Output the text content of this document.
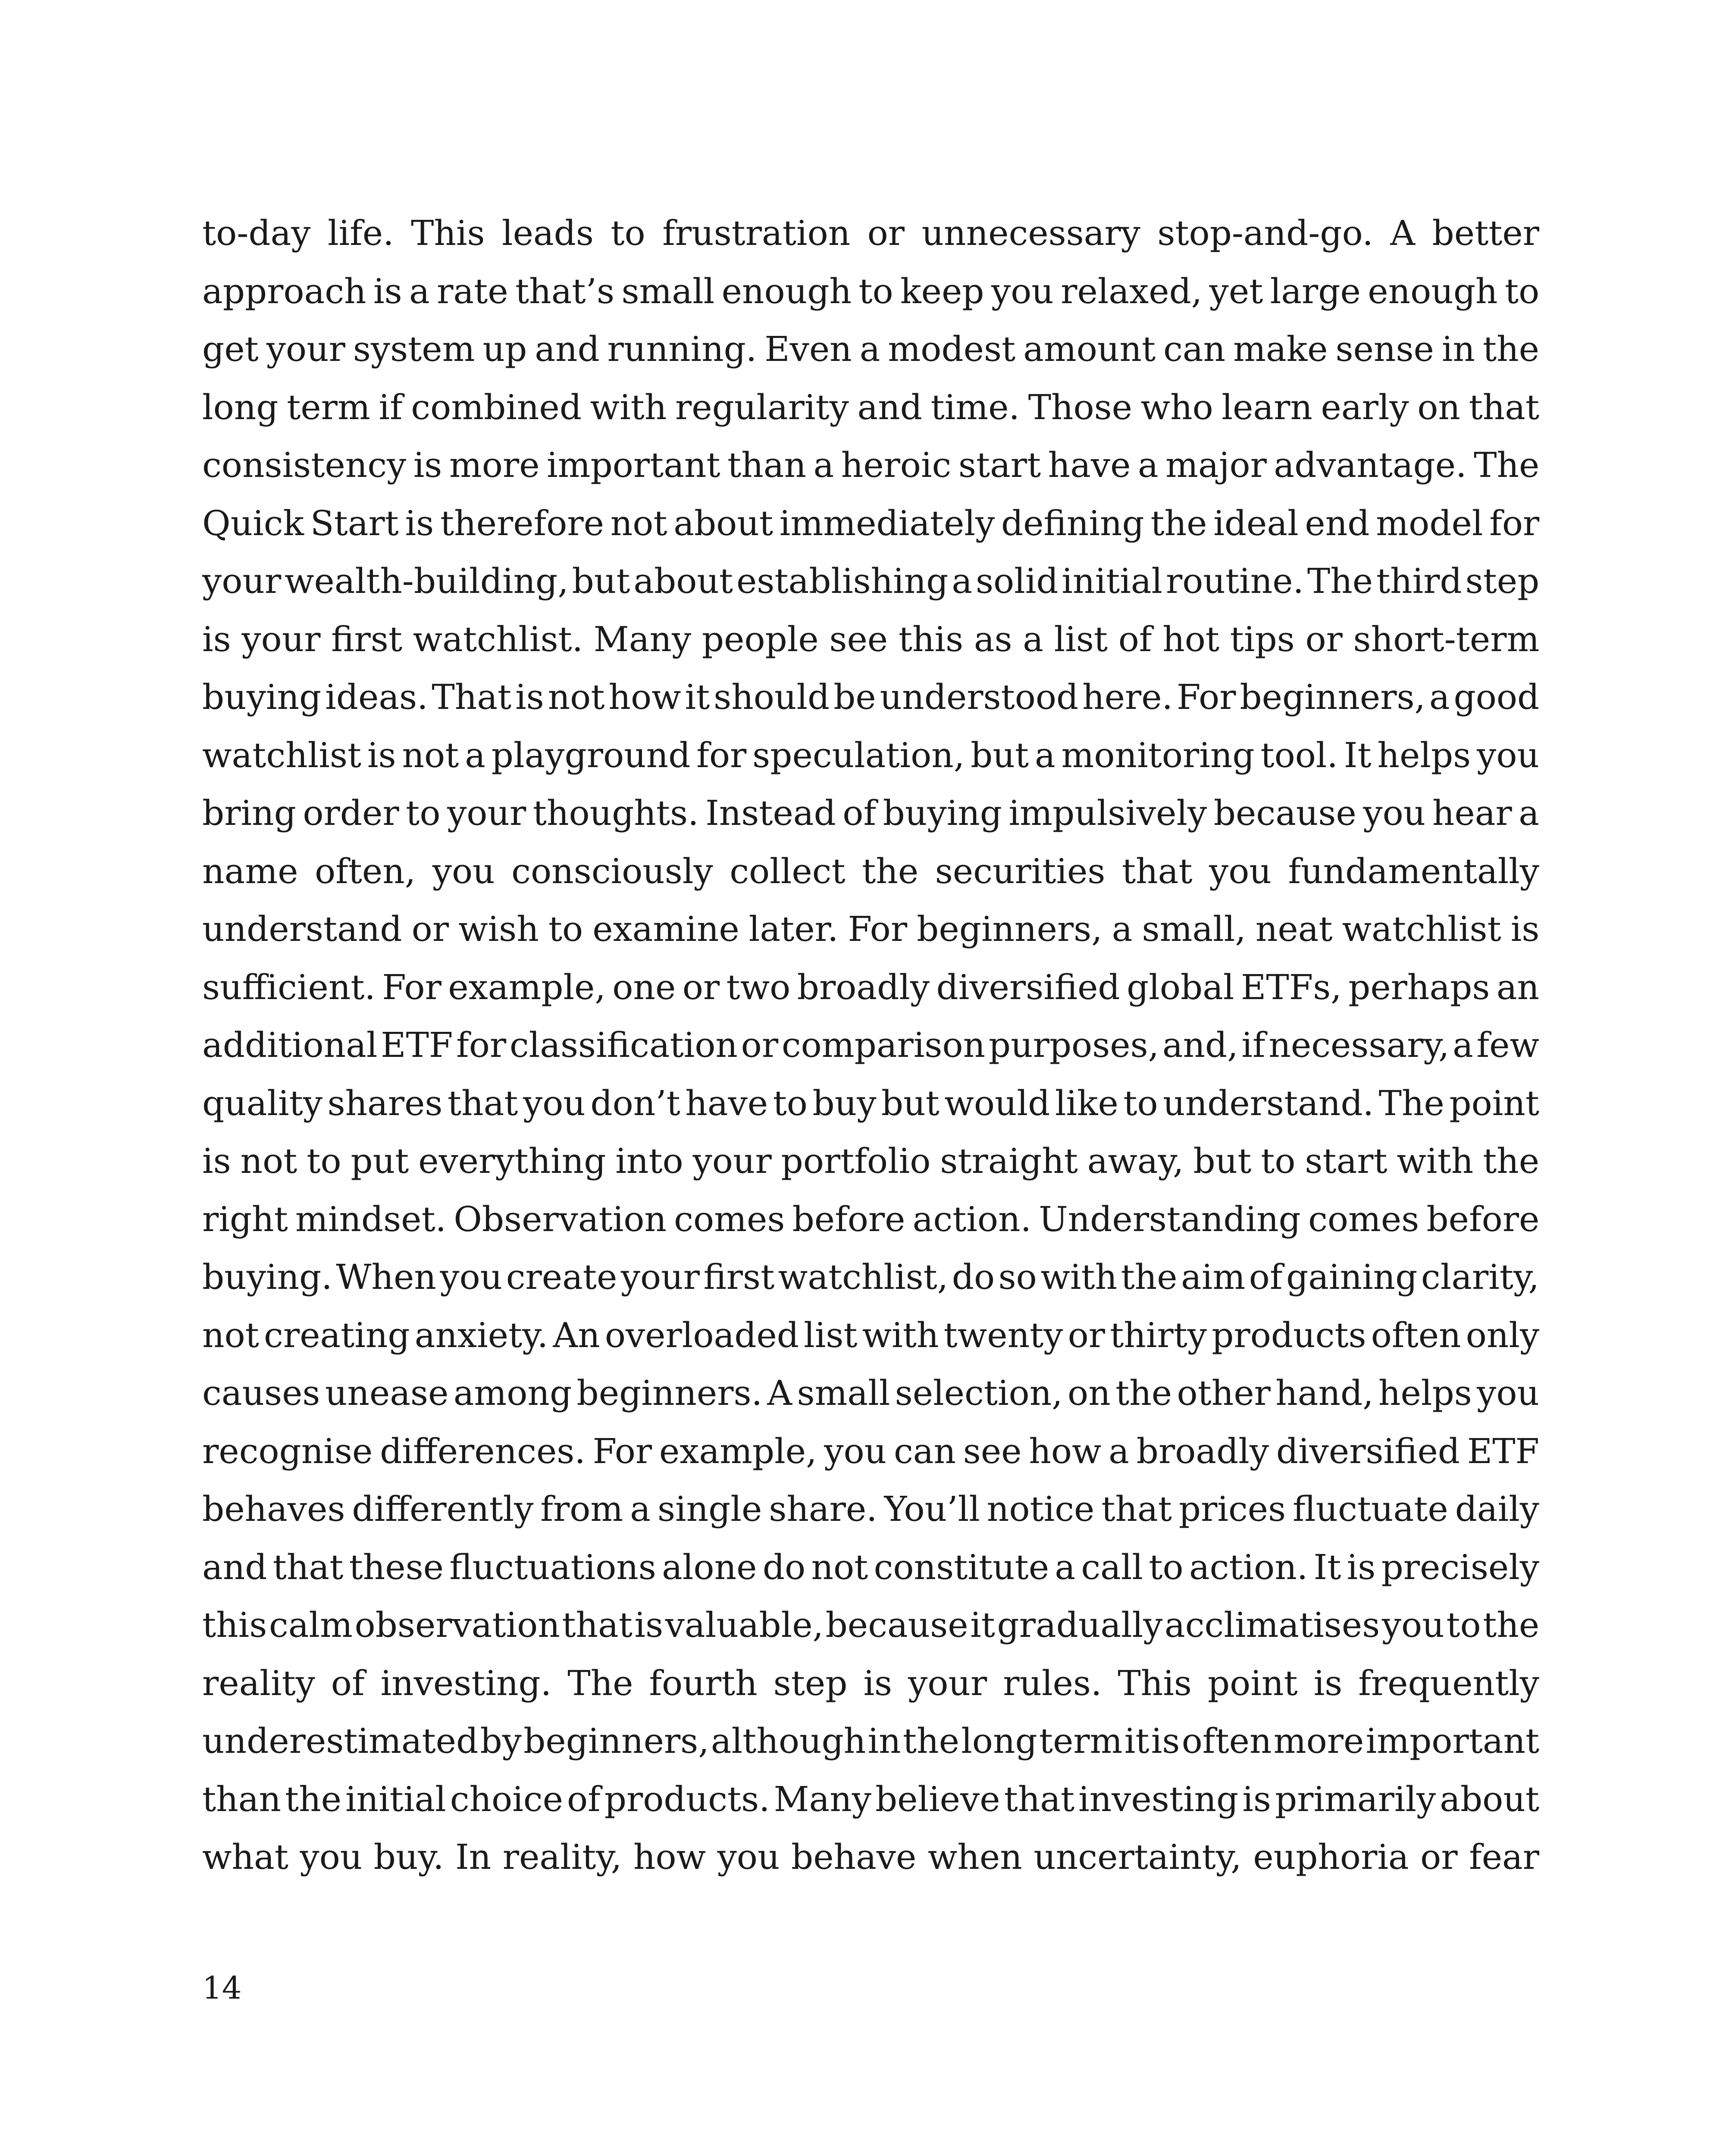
to-day life. This leads to frustration or unnecessary stop-and-go. A better
approach is a rate that’s small enough to keep you relaxed, yet large enough to
get your system up and running. Even a modest amount can make sense in the
long term if combined with regularity and time. Those who learn early on that
consistency is more important than a heroic start have a major advantage. The
Quick Start is therefore not about immediately defining the ideal end model for
your wealth-building, but about establishing a solid initial routine. The third step
is your first watchlist. Many people see this as a list of hot tips or short-term
buying ideas. That is not how it should be understood here. For beginners, a good
watchlist is not a playground for speculation, but a monitoring tool. It helps you
bring order to your thoughts. Instead of buying impulsively because you hear a
name often, you consciously collect the securities that you fundamentally
understand or wish to examine later. For beginners, a small, neat watchlist is
sufficient. For example, one or two broadly diversified global ETFs, perhaps an
additional ETF for classification or comparison purposes, and, if necessary, a few
quality shares that you don’t have to buy but would like to understand. The point
is not to put everything into your portfolio straight away, but to start with the
right mindset. Observation comes before action. Understanding comes before
buying. When you create your first watchlist, do so with the aim of gaining clarity,
not creating anxiety. An overloaded list with twenty or thirty products often only
causes unease among beginners. A small selection, on the other hand, helps you
recognise differences. For example, you can see how a broadly diversified ETF
behaves differently from a single share. You’ll notice that prices fluctuate daily
and that these fluctuations alone do not constitute a call to action. It is precisely
this calm observation that is valuable, because it gradually acclimatises you to the
reality of investing. The fourth step is your rules. This point is frequently
underestimated by beginners, although in the long term it is often more important
than the initial choice of products. Many believe that investing is primarily about
what you buy. In reality, how you behave when uncertainty, euphoria or fear
14
